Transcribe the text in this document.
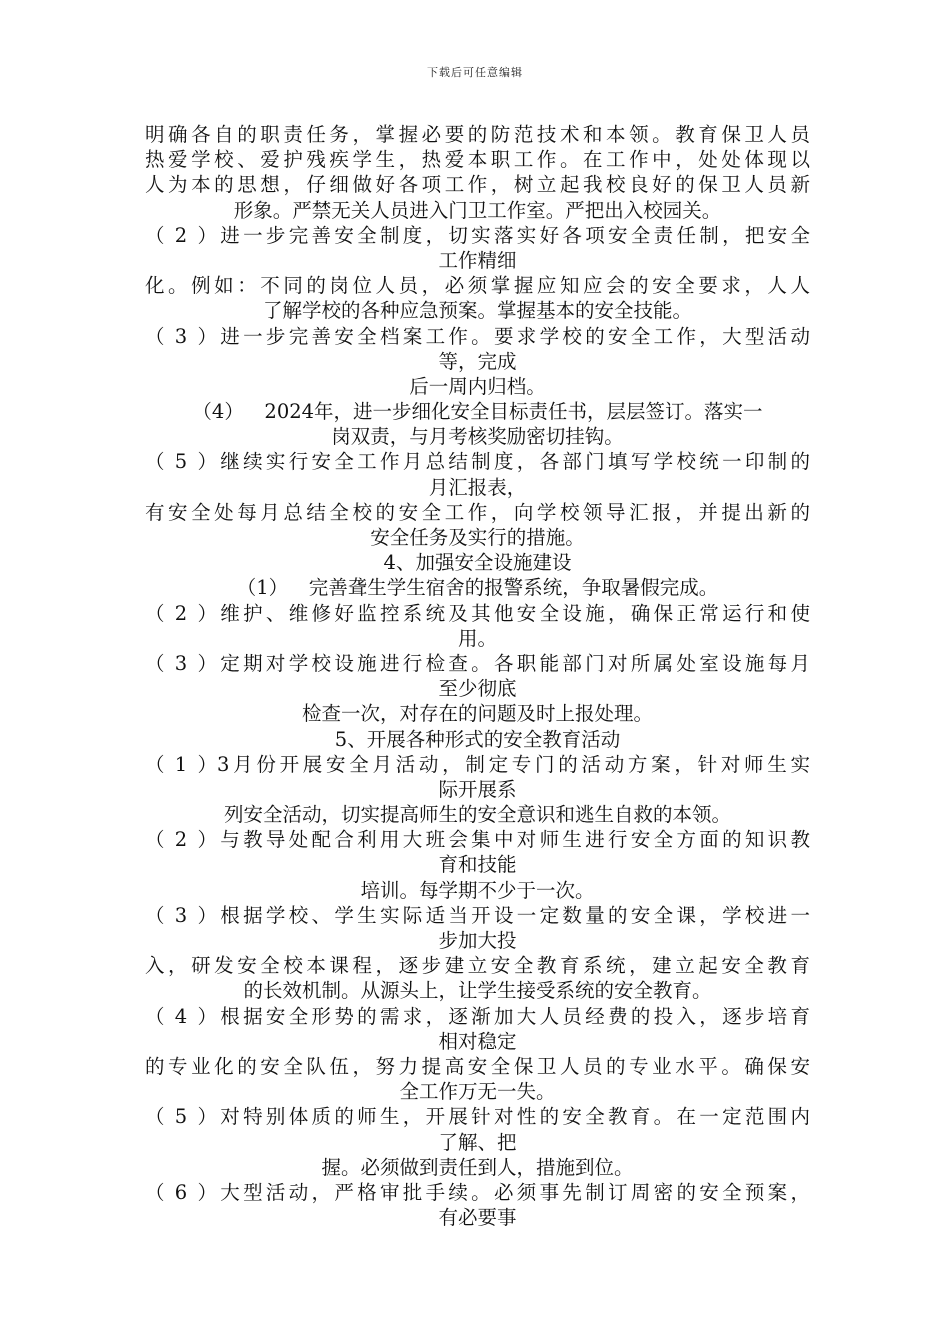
下载后可任意编辑
明确各自的职责任务，掌握必要的防范技术和本领。教育保卫人员
热爱学校、爱护残疾学生，热爱本职工作。在工作中，处处体现以
人为本的思想，仔细做好各项工作，树立起我校良好的保卫人员新
形象。严禁无关人员进入门卫工作室。严把出入校园关。
（2）进一步完善安全制度，切实落实好各项安全责任制，把安全
工作精细
化。例如：不同的岗位人员，必须掌握应知应会的安全要求，人人
了解学校的各种应急预案。掌握基本的安全技能。
（3）进一步完善安全档案工作。要求学校的安全工作，大型活动
等，完成
后一周内归档。
（4） 2024年，进一步细化安全目标责任书，层层签订。落实一
岗双责，与月考核奖励密切挂钩。
（5）继续实行安全工作月总结制度，各部门填写学校统一印制的
月汇报表，
有安全处每月总结全校的安全工作，向学校领导汇报，并提出新的
安全任务及实行的措施。
4、加强安全设施建设
（1） 完善聋生学生宿舍的报警系统，争取暑假完成。
（2）维护、维修好监控系统及其他安全设施，确保正常运行和使
用。
（3）定期对学校设施进行检查。各职能部门对所属处室设施每月
至少彻底
检查一次，对存在的问题及时上报处理。
5、开展各种形式的安全教育活动
（1）3月份开展安全月活动，制定专门的活动方案，针对师生实
际开展系
列安全活动，切实提高师生的安全意识和逃生自救的本领。
（2）与教导处配合利用大班会集中对师生进行安全方面的知识教
育和技能
培训。每学期不少于一次。
（3）根据学校、学生实际适当开设一定数量的安全课，学校进一
步加大投
入，研发安全校本课程，逐步建立安全教育系统，建立起安全教育
的长效机制。从源头上，让学生接受系统的安全教育。
（4）根据安全形势的需求，逐渐加大人员经费的投入，逐步培育
相对稳定
的专业化的安全队伍，努力提高安全保卫人员的专业水平。确保安
全工作万无一失。
（5）对特别体质的师生，开展针对性的安全教育。在一定范围内
了解、把
握。必须做到责任到人，措施到位。
（6）大型活动，严格审批手续。必须事先制订周密的安全预案，
有必要事
